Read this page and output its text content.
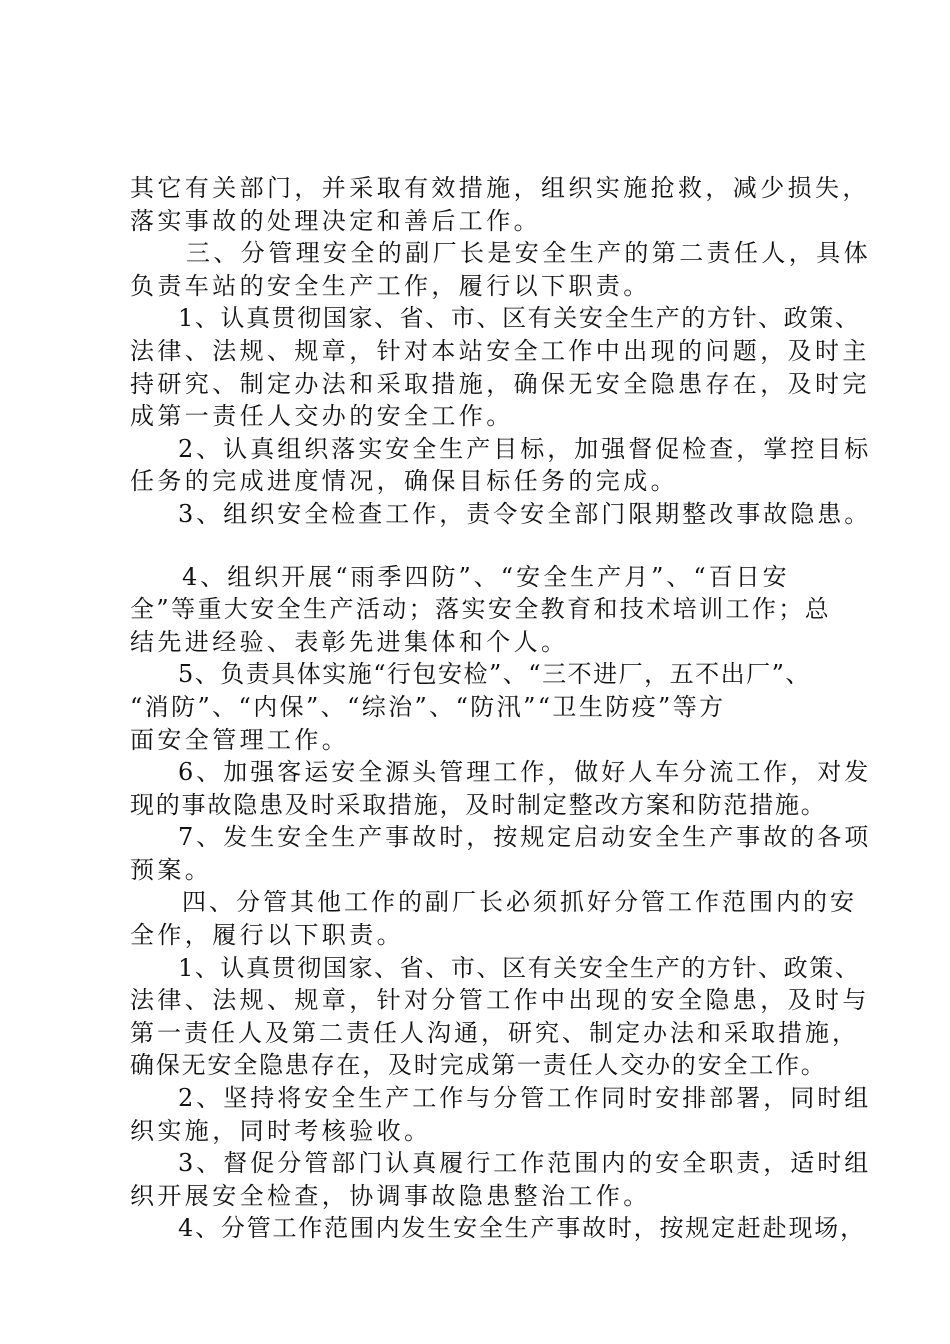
其它有关部门，并采取有效措施，组织实施抢救，减少损失，
落实事故的处理决定和善后工作。
三、分管理安全的副厂长是安全生产的第二责任人，具体
负责车站的安全生产工作，履行以下职责。
1、认真贯彻国家、省、市、区有关安全生产的方针、政策、
法律、法规、规章，针对本站安全工作中出现的问题，及时主
持研究、制定办法和采取措施，确保无安全隐患存在，及时完
成第一责任人交办的安全工作。
2、认真组织落实安全生产目标，加强督促检查，掌控目标
任务的完成进度情况，确保目标任务的完成。
3、组织安全检查工作，责令安全部门限期整改事故隐患。
4、组织开展“雨季四防”、“安全生产月”、“百日安
全”等重大安全生产活动；落实安全教育和技术培训工作；总
结先进经验、表彰先进集体和个人。
5、负责具体实施“行包安检”、“三不进厂，五不出厂”、
“消防”、“内保”、“综治”、“防汛”“卫生防疫”等方
面安全管理工作。
6、加强客运安全源头管理工作，做好人车分流工作，对发
现的事故隐患及时采取措施，及时制定整改方案和防范措施。
7、发生安全生产事故时，按规定启动安全生产事故的各项
预案。
四、分管其他工作的副厂长必须抓好分管工作范围内的安
全作，履行以下职责。
1、认真贯彻国家、省、市、区有关安全生产的方针、政策、
法律、法规、规章，针对分管工作中出现的安全隐患，及时与
第一责任人及第二责任人沟通，研究、制定办法和采取措施，
确保无安全隐患存在，及时完成第一责任人交办的安全工作。
2、坚持将安全生产工作与分管工作同时安排部署，同时组
织实施，同时考核验收。
3、督促分管部门认真履行工作范围内的安全职责，适时组
织开展安全检查，协调事故隐患整治工作。
4、分管工作范围内发生安全生产事故时，按规定赶赴现场，
